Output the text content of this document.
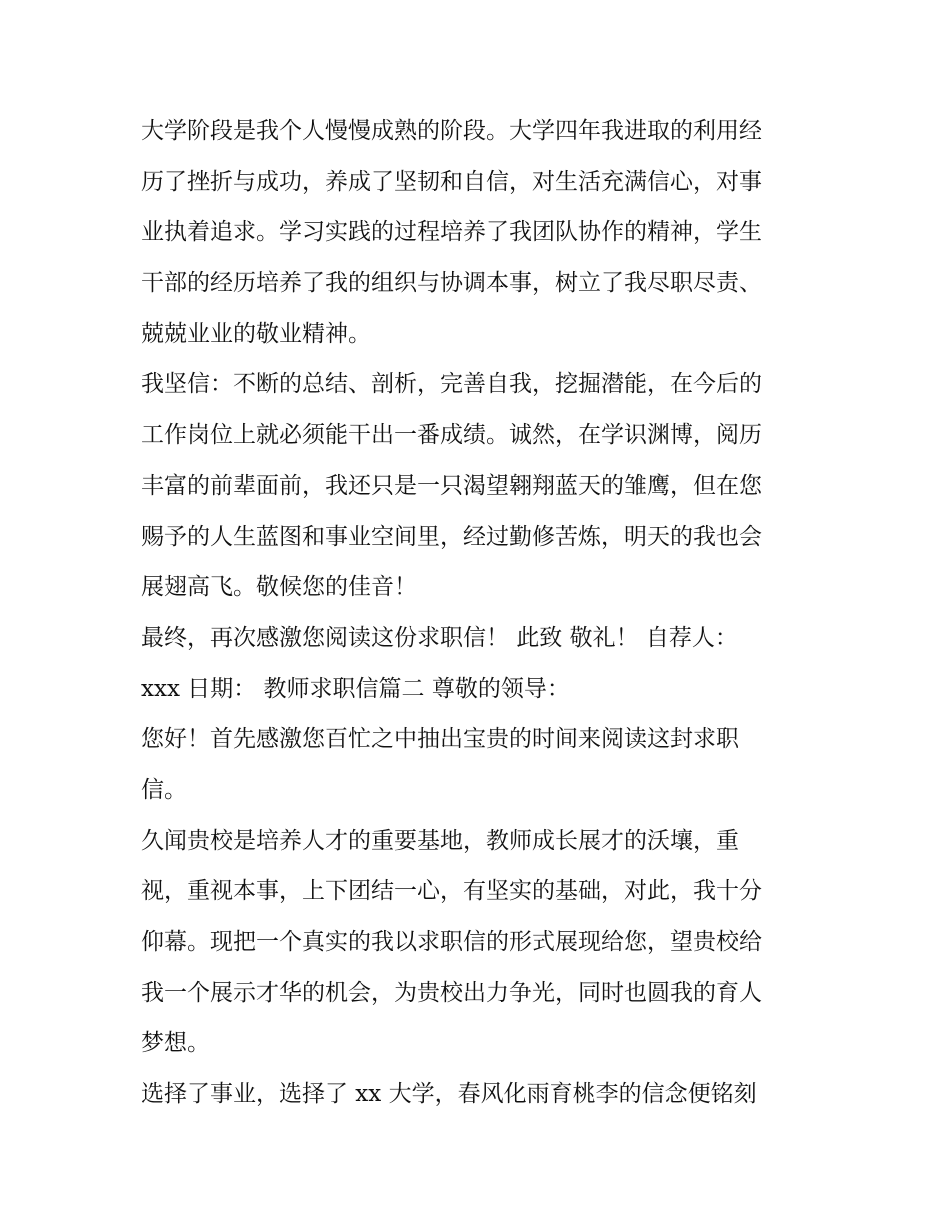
大学阶段是我个人慢慢成熟的阶段。大学四年我进取的利用经
历了挫折与成功，养成了坚韧和自信，对生活充满信心，对事
业执着追求。学习实践的过程培养了我团队协作的精神，学生
干部的经历培养了我的组织与协调本事，树立了我尽职尽责、
兢兢业业的敬业精神。
我坚信：不断的总结、剖析，完善自我，挖掘潜能，在今后的
工作岗位上就必须能干出一番成绩。诚然，在学识渊博，阅历
丰富的前辈面前，我还只是一只渴望翱翔蓝天的雏鹰，但在您
赐予的人生蓝图和事业空间里，经过勤修苦炼，明天的我也会
展翅高飞。敬候您的佳音！
最终，再次感激您阅读这份求职信！ 此致 敬礼！ 自荐人：
xxx 日期： 教师求职信篇二 尊敬的领导：
您好！首先感激您百忙之中抽出宝贵的时间来阅读这封求职
信。
久闻贵校是培养人才的重要基地，教师成长展才的沃壤，重
视，重视本事，上下团结一心，有坚实的基础，对此，我十分
仰幕。现把一个真实的我以求职信的形式展现给您，望贵校给
我一个展示才华的机会，为贵校出力争光，同时也圆我的育人
梦想。
选择了事业，选择了 xx 大学，春风化雨育桃李的信念便铭刻
